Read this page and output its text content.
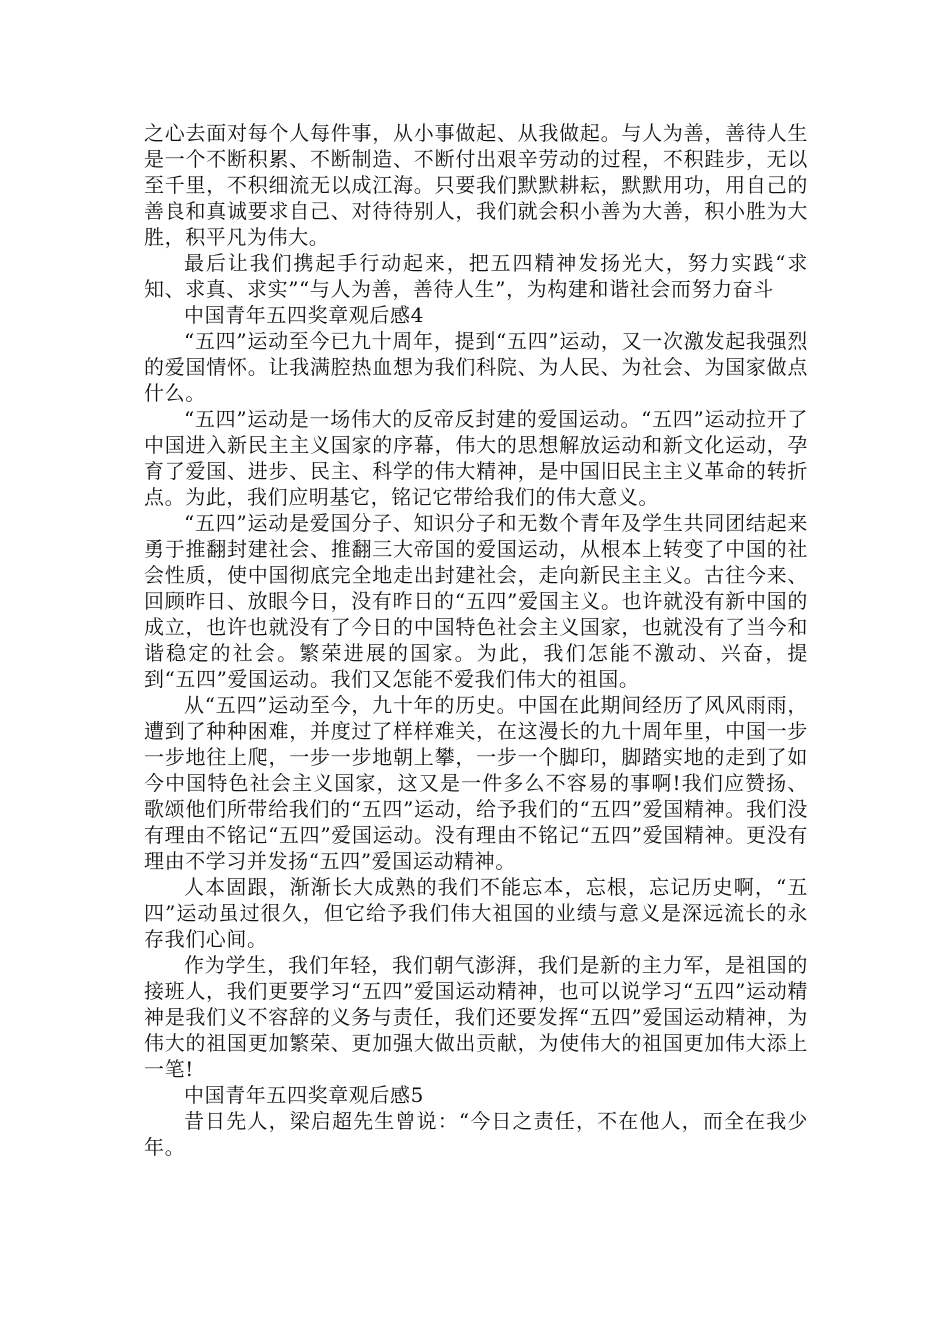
之心去面对每个人每件事，从小事做起、从我做起。与人为善，善待人生是一个不断积累、不断制造、不断付出艰辛劳动的过程，不积跬步，无以至千里，不积细流无以成江海。只要我们默默耕耘，默默用功，用自己的善良和真诚要求自己、对待待别人，我们就会积小善为大善，积小胜为大胜，积平凡为伟大。

最后让我们携起手行动起来，把五四精神发扬光大，努力实践“求知、求真、求实”“与人为善，善待人生”，为构建和谐社会而努力奋斗

中国青年五四奖章观后感4

“五四”运动至今已九十周年，提到“五四”运动，又一次激发起我强烈的爱国情怀。让我满腔热血想为我们科院、为人民、为社会、为国家做点什么。

“五四”运动是一场伟大的反帝反封建的爱国运动。“五四”运动拉开了中国进入新民主主义国家的序幕，伟大的思想解放运动和新文化运动，孕育了爱国、进步、民主、科学的伟大精神，是中国旧民主主义革命的转折点。为此，我们应明基它，铭记它带给我们的伟大意义。

“五四”运动是爱国分子、知识分子和无数个青年及学生共同团结起来勇于推翻封建社会、推翻三大帝国的爱国运动，从根本上转变了中国的社会性质，使中国彻底完全地走出封建社会，走向新民主主义。古往今来、回顾昨日、放眼今日，没有昨日的“五四”爱国主义。也许就没有新中国的成立，也许也就没有了今日的中国特色社会主义国家，也就没有了当今和谐稳定的社会。繁荣进展的国家。为此，我们怎能不激动、兴奋，提到“五四”爱国运动。我们又怎能不爱我们伟大的祖国。

从“五四”运动至今，九十年的历史。中国在此期间经历了风风雨雨，遭到了种种困难，并度过了样样难关，在这漫长的九十周年里，中国一步一步地往上爬，一步一步地朝上攀，一步一个脚印，脚踏实地的走到了如今中国特色社会主义国家，这又是一件多么不容易的事啊!我们应赞扬、歌颂他们所带给我们的“五四”运动，给予我们的“五四”爱国精神。我们没有理由不铭记“五四”爱国运动。没有理由不铭记“五四”爱国精神。更没有理由不学习并发扬“五四”爱国运动精神。

人本固跟，渐渐长大成熟的我们不能忘本，忘根，忘记历史啊，“五四”运动虽过很久，但它给予我们伟大祖国的业绩与意义是深远流长的永存我们心间。

作为学生，我们年轻，我们朝气澎湃，我们是新的主力军，是祖国的接班人，我们更要学习“五四”爱国运动精神，也可以说学习“五四”运动精神是我们义不容辞的义务与责任，我们还要发挥“五四”爱国运动精神，为伟大的祖国更加繁荣、更加强大做出贡献，为使伟大的祖国更加伟大添上一笔!

中国青年五四奖章观后感5

昔日先人，梁启超先生曾说：“今日之责任，不在他人，而全在我少年。
